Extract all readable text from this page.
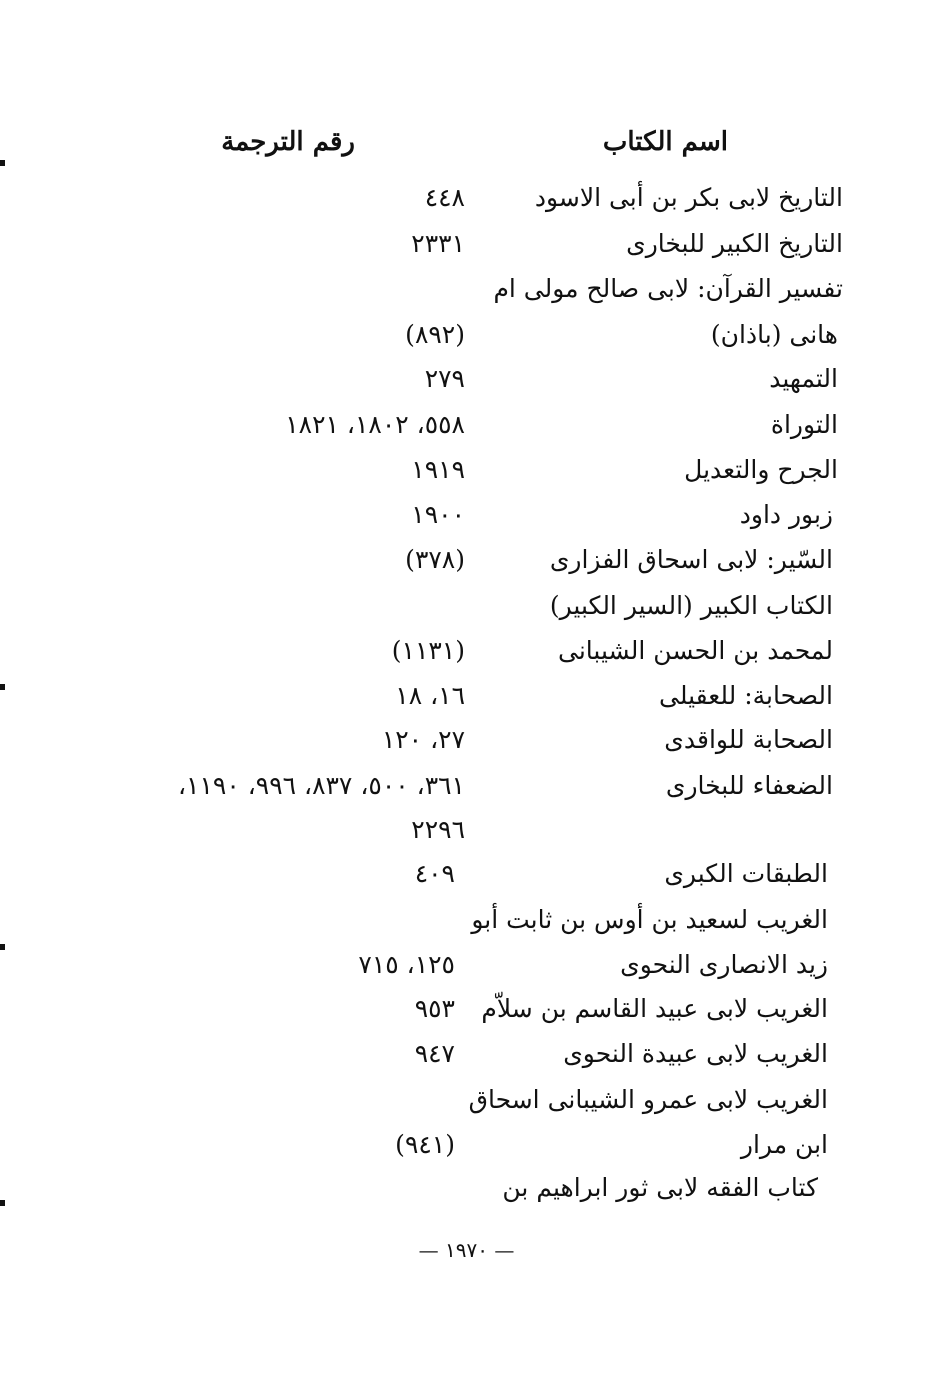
اسم الكتاب
رقم الترجمة
التاريخ لابى بكر بن أبى الاسود
٤٤٨
التاريخ الكبير للبخارى
٢٣٣١
تفسير القرآن: لابى صالح مولى ام
هانى (باذان)
(٨٩٢)
التمهيد
٢٧٩
التوراة
٥٥٨، ١٨٠٢، ١٨٢١
الجرح والتعديل
١٩١٩
زبور داود
١٩٠٠
السّير: لابى اسحاق الفزارى
(٣٧٨)
الكتاب الكبير (السير الكبير)
لمحمد بن الحسن الشيبانى
(١١٣١)
الصحابة: للعقيلى
١٦، ١٨
الصحابة للواقدى
٢٧، ١٢٠
الضعفاء للبخارى
٣٦١، ٥٠٠، ٨٣٧، ٩٩٦، ١١٩٠،
٢٢٩٦
الطبقات الكبرى
٤٠٩
الغريب لسعيد بن أوس بن ثابت أبو
زيد الانصارى النحوى
١٢٥، ٧١٥
الغريب لابى عبيد القاسم بن سلاّم
٩٥٣
الغريب لابى عبيدة النحوى
٩٤٧
الغريب لابى عمرو الشيبانى اسحاق
ابن مرار
(٩٤١)
كتاب الفقه لابى ثور ابراهيم بن
— ١٩٧٠ —
